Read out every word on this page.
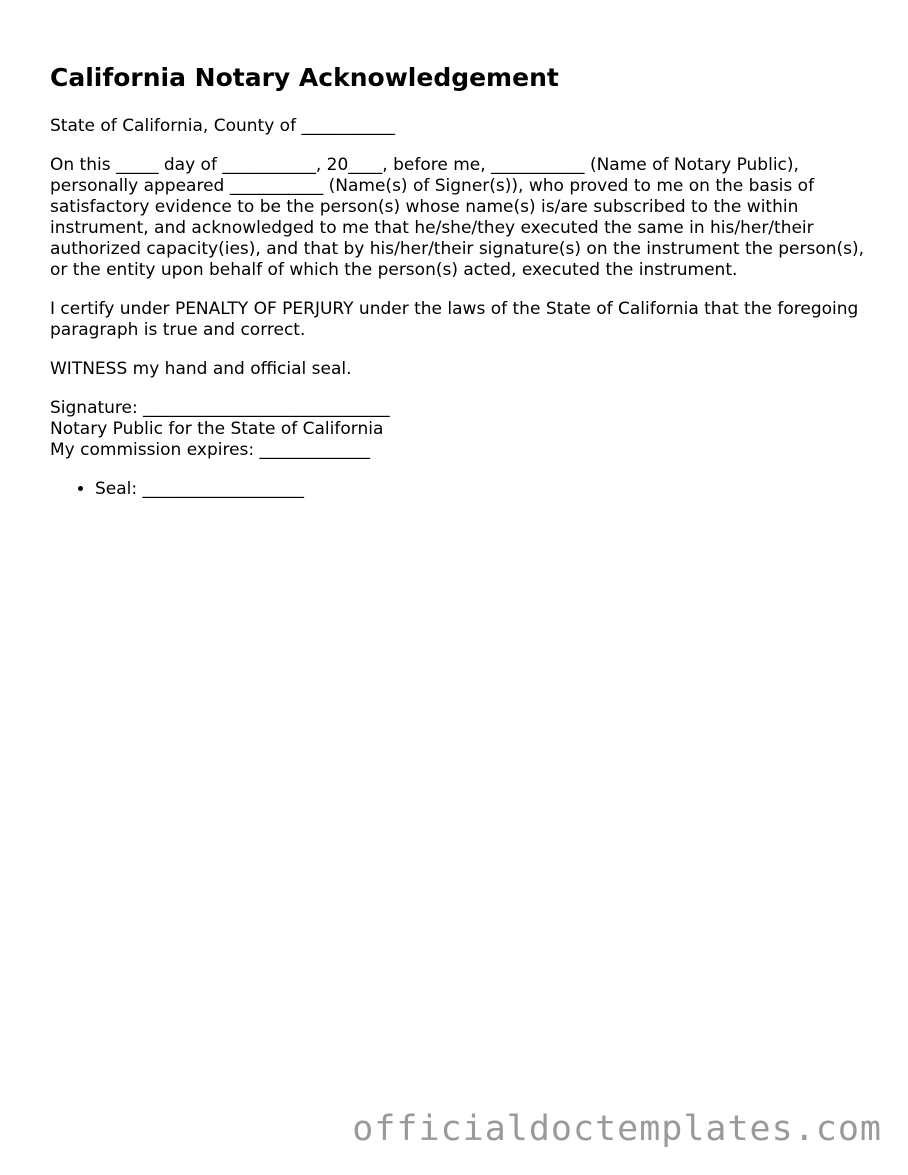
California Notary Acknowledgement

State of California, County of ___________

On this _____ day of ___________, 20____, before me, ___________ (Name of Notary Public), personally appeared ___________ (Name(s) of Signer(s)), who proved to me on the basis of satisfactory evidence to be the person(s) whose name(s) is/are subscribed to the within instrument, and acknowledged to me that he/she/they executed the same in his/her/their authorized capacity(ies), and that by his/her/their signature(s) on the instrument the person(s), or the entity upon behalf of which the person(s) acted, executed the instrument.

I certify under PENALTY OF PERJURY under the laws of the State of California that the foregoing paragraph is true and correct.

WITNESS my hand and official seal.

Signature: _____________________________
Notary Public for the State of California
My commission expires: _____________
• Seal: ___________________
officialdoctemplates.com
